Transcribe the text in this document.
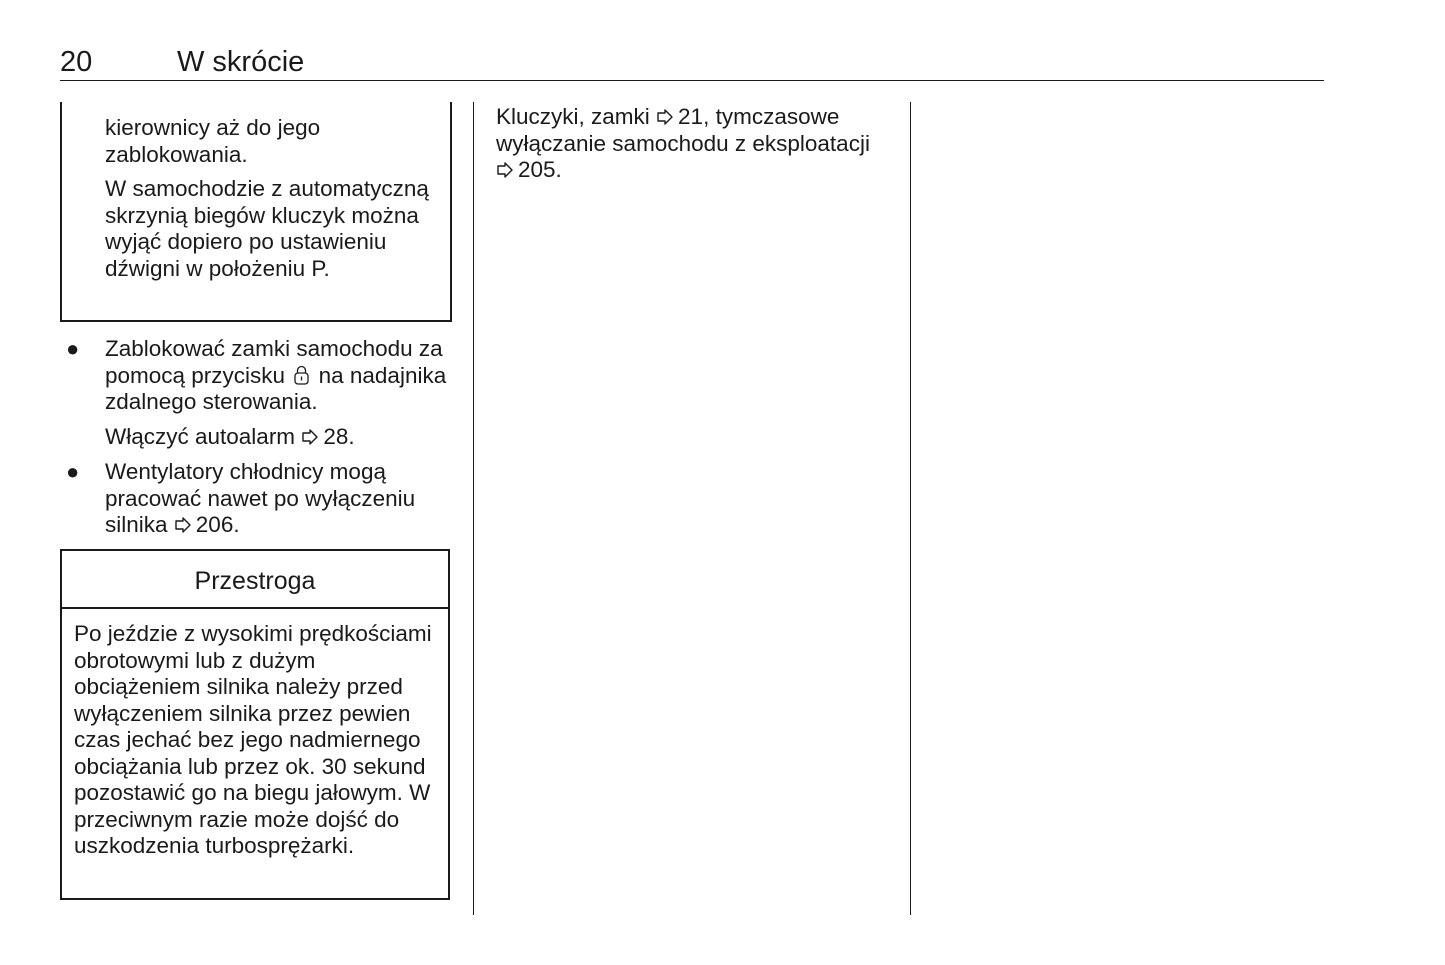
20	W skrócie

kierownicy aż do jego zablokowania.

W samochodzie z automatyczną skrzynią biegów kluczyk można wyjąć dopiero po ustawieniu dźwigni w położeniu P.

● Zablokować zamki samochodu za pomocą przycisku na nadajnika zdalnego sterowania.

Włączyć autoalarm 28.

● Wentylatory chłodnicy mogą pracować nawet po wyłączeniu silnika 206.

Przestroga

Po jeździe z wysokimi prędkościami obrotowymi lub z dużym obciążeniem silnika należy przed wyłączeniem silnika przez pewien czas jechać bez jego nadmiernego obciążania lub przez ok. 30 sekund pozostawić go na biegu jałowym. W przeciwnym razie może dojść do uszkodzenia turbosprężarki.

Kluczyki, zamki 21, tymczasowe wyłączanie samochodu z eksploatacji
205.
